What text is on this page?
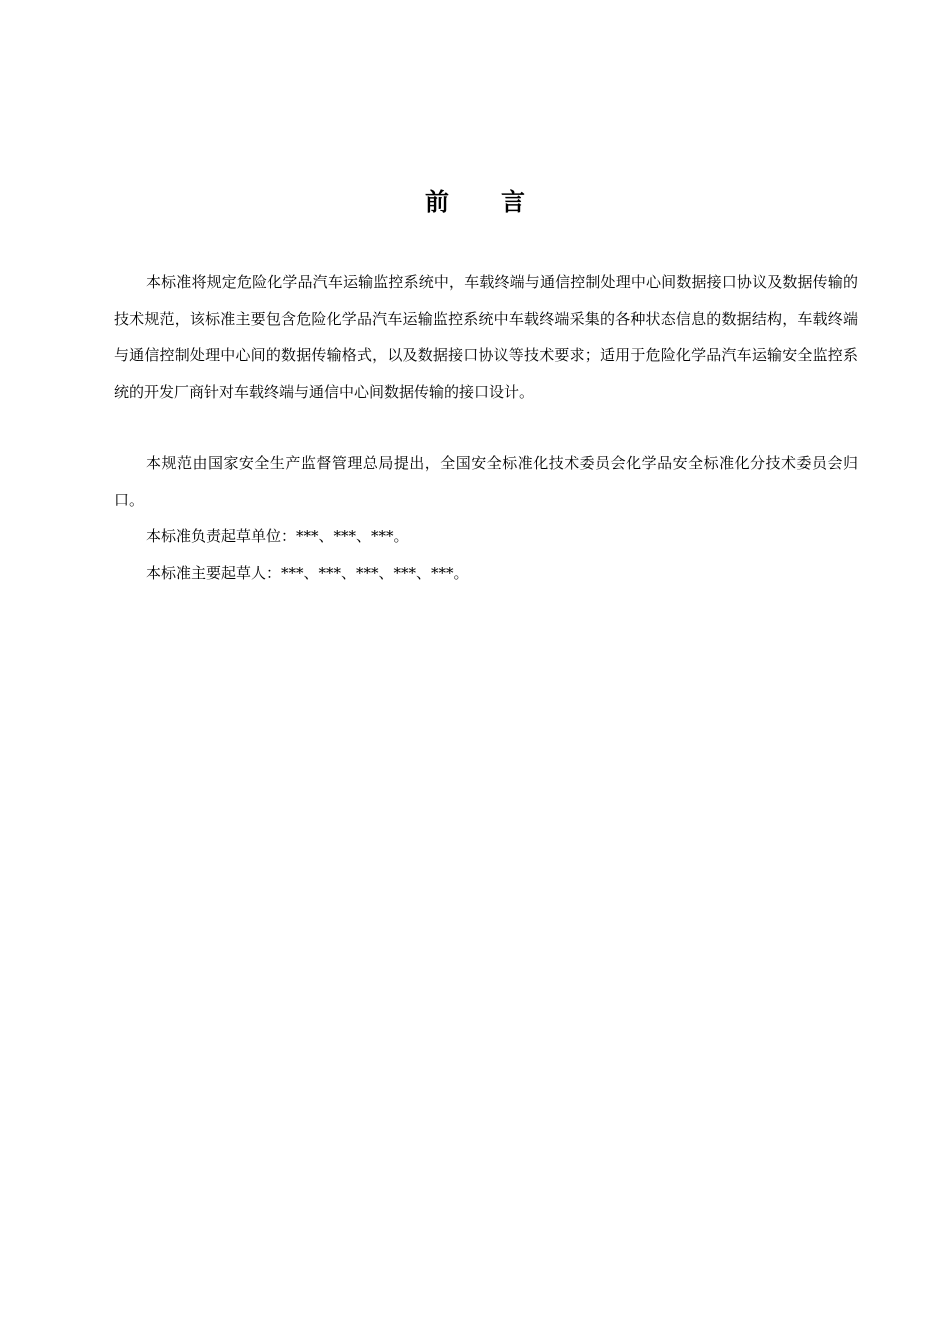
前 言

本标准将规定危险化学品汽车运输监控系统中，车载终端与通信控制处理中心间数据接口协议及数据传输的技术规范，该标准主要包含危险化学品汽车运输监控系统中车载终端采集的各种状态信息的数据结构，车载终端与通信控制处理中心间的数据传输格式，以及数据接口协议等技术要求；适用于危险化学品汽车运输安全监控系统的开发厂商针对车载终端与通信中心间数据传输的接口设计。

本规范由国家安全生产监督管理总局提出，全国安全标准化技术委员会化学品安全标准化分技术委员会归口。

本标准负责起草单位：***、***、***。

本标准主要起草人：***、***、***、***、***。
